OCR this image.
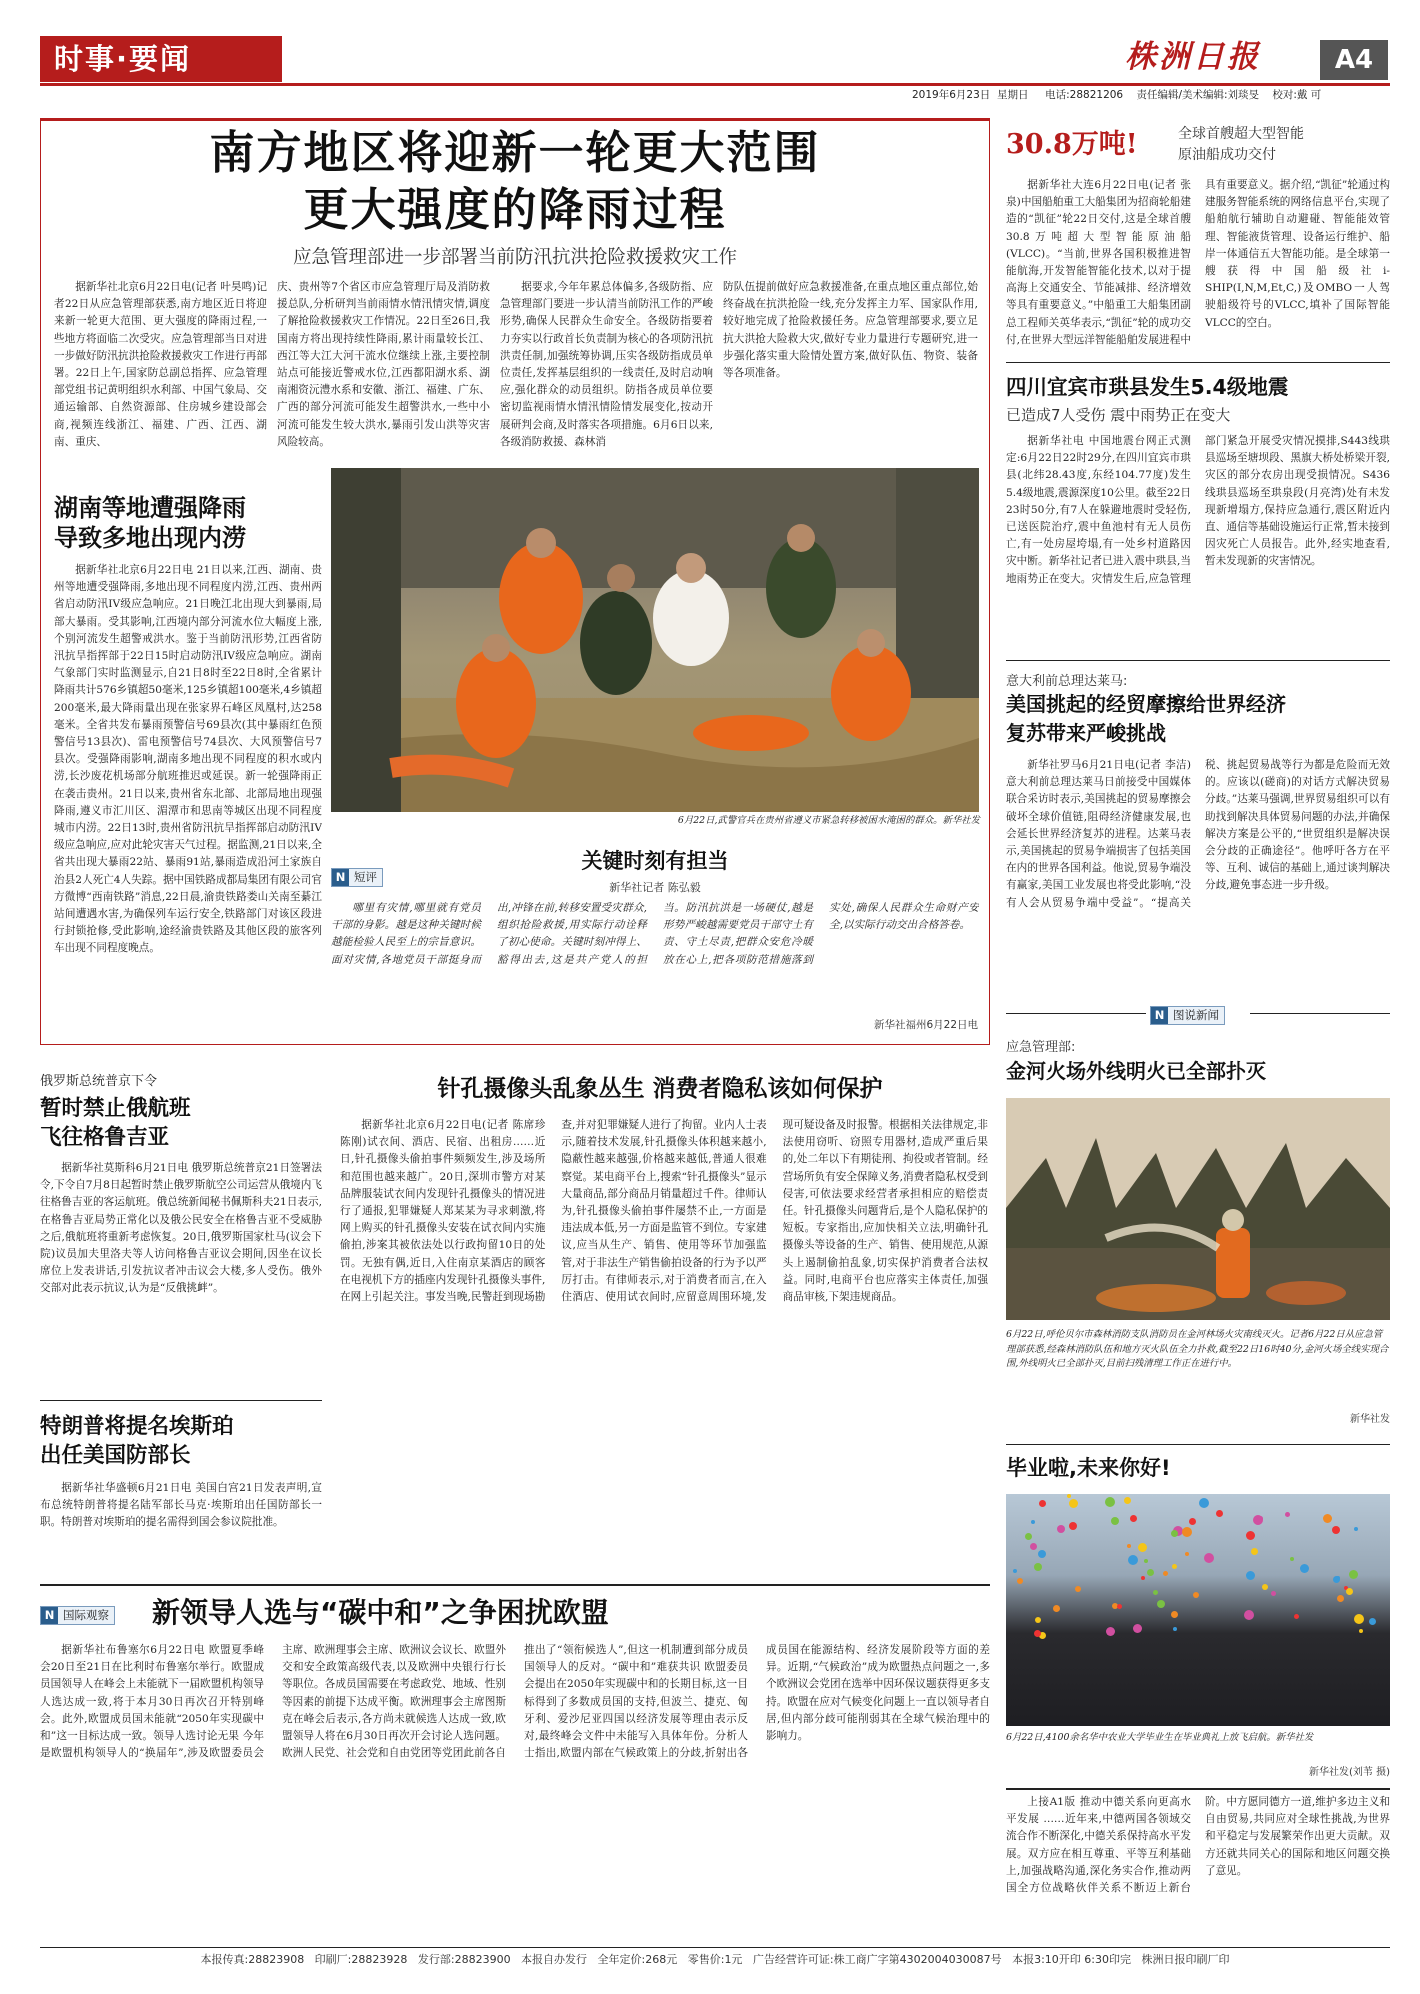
时事·要闻	株洲日报	A4
2019年6月23日  星期日     电话:28821206    责任编辑/美术编辑:刘琰旻    校对:戴 可
南方地区将迎新一轮更大范围
更大强度的降雨过程
应急管理部进一步部署当前防汛抗洪抢险救援救灾工作

据新华社北京6月22日电(记者 叶昊鸣)记者22日从应急管理部获悉,南方地区近日将迎来新一轮更大范围、更大强度的降雨过程,一些地方将面临二次受灾。应急管理部当日对进一步做好防汛抗洪抢险救援救灾工作进行再部署。22日上午,国家防总副总指挥、应急管理部党组书记黄明组织水利部、中国气象局、交通运输部、自然资源部、住房城乡建设部会商,视频连线浙江、福建、广西、江西、湖南、重庆、

庆、贵州等7个省区市应急管理厅局及消防救援总队,分析研判当前雨情水情汛情灾情,调度了解抢险救援救灾工作情况。22日至26日,我国南方将出现持续性降雨,累计雨量较长江、西江等大江大河干流水位继续上涨,主要控制站点可能接近警戒水位,江西都阳湖水系、湖南湘资沅澧水系和安徽、浙江、福建、广东、广西的部分河流可能发生超警洪水,一些中小河流可能发生较大洪水,暴雨引发山洪等灾害风险较高。

据要求,今年年累总体偏多,各级防指、应急管理部门要进一步认清当前防汛工作的严峻形势,确保人民群众生命安全。各级防指要着力夯实以行政首长负责制为核心的各项防汛抗洪责任制,加强统筹协调,压实各级防指成员单位责任,发挥基层组织的一线责任,及时启动响应,强化群众的动员组织。防指各成员单位要密切监视雨情水情汛情险情发展变化,按动开展研判会商,及时落实各项措施。6月6日以来,各级消防救援、森林消

防队伍提前做好应急救援准备,在重点地区重点部位,始终奋战在抗洪抢险一线,充分发挥主力军、国家队作用,较好地完成了抢险救援任务。应急管理部要求,要立足抗大洪抢大险救大灾,做好专业力量进行专题研究,进一步强化落实重大险情处置方案,做好队伍、物资、装备等各项准备。

湖南等地遭强降雨
导致多地出现内涝

据新华社北京6月22日电 21日以来,江西、湖南、贵州等地遭受强降雨,多地出现不同程度内涝,江西、贵州两省启动防汛IV级应急响应。21日晚江北出现大到暴雨,局部大暴雨。受其影响,江西境内部分河流水位大幅度上涨,个别河流发生超警戒洪水。鉴于当前防汛形势,江西省防汛抗旱指挥部于22日15时启动防汛IV级应急响应。湖南气象部门实时监测显示,自21日8时至22日8时,全省累计降雨共计576乡镇超50毫米,125乡镇超100毫米,4乡镇超200毫米,最大降雨量出现在张家界石峰区凤凰村,达258毫米。全省共发布暴雨预警信号69县次(其中暴雨红色预警信号13县次)、雷电预警信号74县次、大风预警信号7县次。受强降雨影响,湖南多地出现不同程度的积水或内涝,长沙废花机场部分航班推迟或延误。新一轮强降雨正在袭击贵州。21日以来,贵州省东北部、北部局地出现强降雨,遵义市汇川区、湄潭市和思南等城区出现不同程度城市内涝。22日13时,贵州省防汛抗旱指挥部启动防汛IV级应急响应,应对此轮灾害天气过程。据监测,21日以来,全省共出现大暴雨22站、暴雨91站,暴雨造成沿河土家族自治县2人死亡4人失踪。据中国铁路成都局集团有限公司官方微博“西南铁路”消息,22日晨,渝贵铁路娄山关南至綦江站间遭遇水害,为确保列车运行安全,铁路部门对该区段进行封锁抢修,受此影响,途经渝贵铁路及其他区段的旅客列车出现不同程度晚点。

6月22日,武警官兵在贵州省遵义市紧急转移被困水淹困的群众。新华社发
N 短评
关键时刻有担当
新华社记者 陈弘毅

哪里有灾情,哪里就有党员干部的身影。越是这种关键时候越能检验人民至上的宗旨意识。面对灾情,各地党员干部挺身而出,冲锋在前,转移安置受灾群众,组织抢险救援,用实际行动诠释了初心使命。关键时刻冲得上、豁得出去,这是共产党人的担当。防汛抗洪是一场硬仗,越是形势严峻越需要党员干部守土有责、守土尽责,把群众安危冷暖放在心上,把各项防范措施落到实处,确保人民群众生命财产安全,以实际行动交出合格答卷。

新华社福州6月22日电
30.8万吨!	全球首艘超大型智能
原油船成功交付

据新华社大连6月22日电(记者 张泉)中国船舶重工大船集团为招商轮船建造的“凯征”轮22日交付,这是全球首艘30.8万吨超大型智能原油船(VLCC)。“当前,世界各国积极推进智能航海,开发智能智能化技术,以对于提高海上交通安全、节能减排、经济增效等具有重要意义。”中船重工大船集团副总工程师关英华表示,“凯征”轮的成功交付,在世界大型远洋智能船舶发展进程中具有重要意义。据介绍,“凯征”轮通过构建服务智能系统的网络信息平台,实现了船舶航行辅助自动避碰、智能能效管理、智能液货管理、设备运行维护、船岸一体通信五大智能功能。是全球第一艘获得中国船级社i-SHIP(I,N,M,Et,C,)及OMBO一人驾驶船级符号的VLCC,填补了国际智能VLCC的空白。

四川宜宾市珙县发生5.4级地震
已造成7人受伤 震中雨势正在变大

据新华社电 中国地震台网正式测定:6月22日22时29分,在四川宜宾市珙县(北纬28.43度,东经104.77度)发生5.4级地震,震源深度10公里。截至22日23时50分,有7人在躲避地震时受轻伤,已送医院治疗,震中鱼池村有无人员伤亡,有一处房屋垮塌,有一处乡村道路因灾中断。新华社记者已进入震中珙县,当地雨势正在变大。灾情发生后,应急管理部门紧急开展受灾情况摸排,S443线珙县巡场至塘坝段、黑旗大桥处桥梁开裂,灾区的部分农房出现受损情况。S436线珙县巡场至珙泉段(月亮湾)处有未发现新增塌方,保持应急通行,震区附近内直、通信等基础设施运行正常,暂未接到因灾死亡人员报告。此外,经实地查看,暂未发现新的灾害情况。

意大利前总理达莱马:
美国挑起的经贸摩擦给世界经济
复苏带来严峻挑战

新华社罗马6月21日电(记者 李洁)意大利前总理达莱马日前接受中国媒体联合采访时表示,美国挑起的贸易摩擦会破坏全球价值链,阻碍经济健康发展,也会延长世界经济复苏的进程。达莱马表示,美国挑起的贸易争端损害了包括美国在内的世界各国利益。他说,贸易争端没有赢家,美国工业发展也将受此影响,“没有人会从贸易争端中受益”。“提高关税、挑起贸易战等行为都是危险而无效的。应该以(磋商)的对话方式解决贸易分歧。”达莱马强调,世界贸易组织可以有助找到解决具体贸易问题的办法,并确保解决方案是公平的,“世贸组织是解决误会分歧的正确途径”。他呼吁各方在平等、互利、诚信的基础上,通过谈判解决分歧,避免事态进一步升级。

N 图说新闻
应急管理部:
金河火场外线明火已全部扑灭
6月22日,呼伦贝尔市森林消防支队消防员在金河林场火灾南线灭火。记者6月22日从应急管理部获悉,经森林消防队伍和地方灭火队伍全力扑救,截至22日16时40分,金河火场全线实现合围,外线明火已全部扑灭,目前扫残清理工作正在进行中。
新华社发
毕业啦,未来你好!
6月22日,4100余名华中农业大学毕业生在毕业典礼上放飞启航。新华社发
新华社发(刘苇 摄)
俄罗斯总统普京下令
暂时禁止俄航班
飞往格鲁吉亚

据新华社莫斯科6月21日电 俄罗斯总统普京21日签署法令,下令自7月8日起暂时禁止俄罗斯航空公司运营从俄境内飞往格鲁吉亚的客运航班。俄总统新闻秘书佩斯科夫21日表示,在格鲁吉亚局势正常化以及俄公民安全在格鲁吉亚不受威胁之后,俄航班将重新考虑恢复。20日,俄罗斯国家杜马(议会下院)议员加夫里洛夫等人访问格鲁吉亚议会期间,因坐在议长席位上发表讲话,引发抗议者冲击议会大楼,多人受伤。俄外交部对此表示抗议,认为是“反俄挑衅”。

特朗普将提名埃斯珀
出任美国防部长

据新华社华盛顿6月21日电 美国白宫21日发表声明,宣布总统特朗普将提名陆军部长马克·埃斯珀出任国防部长一职。特朗普对埃斯珀的提名需得到国会参议院批准。

针孔摄像头乱象丛生 消费者隐私该如何保护

据新华社北京6月22日电(记者 陈席珍 陈刚)试衣间、酒店、民宿、出租房……近日,针孔摄像头偷拍事件频频发生,涉及场所和范围也越来越广。20日,深圳市警方对某品牌服装试衣间内发现针孔摄像头的情况进行了通报,犯罪嫌疑人郑某某为寻求刺激,将网上购买的针孔摄像头安装在试衣间内实施偷拍,涉案其被依法处以行政拘留10日的处罚。无独有偶,近日,入住南京某酒店的顾客在电视机下方的插座内发现针孔摄像头事件,在网上引起关注。事发当晚,民警赶到现场勘查,并对犯罪嫌疑人进行了拘留。业内人士表示,随着技术发展,针孔摄像头体积越来越小,隐蔽性越来越强,价格越来越低,普通人很难察觉。某电商平台上,搜索“针孔摄像头”显示大量商品,部分商品月销量超过千件。律师认为,针孔摄像头偷拍事件屡禁不止,一方面是违法成本低,另一方面是监管不到位。专家建议,应当从生产、销售、使用等环节加强监管,对于非法生产销售偷拍设备的行为予以严厉打击。有律师表示,对于消费者而言,在入住酒店、使用试衣间时,应留意周围环境,发现可疑设备及时报警。根据相关法律规定,非法使用窃听、窃照专用器材,造成严重后果的,处二年以下有期徒刑、拘役或者管制。经营场所负有安全保障义务,消费者隐私权受到侵害,可依法要求经营者承担相应的赔偿责任。针孔摄像头问题背后,是个人隐私保护的短板。专家指出,应加快相关立法,明确针孔摄像头等设备的生产、销售、使用规范,从源头上遏制偷拍乱象,切实保护消费者合法权益。同时,电商平台也应落实主体责任,加强商品审核,下架违规商品。

N 国际观察 新领导人选与“碳中和”之争困扰欧盟

据新华社布鲁塞尔6月22日电 欧盟夏季峰会20日至21日在比利时布鲁塞尔举行。欧盟成员国领导人在峰会上未能就下一届欧盟机构领导人选达成一致,将于本月30日再次召开特别峰会。此外,欧盟成员国未能就“2050年实现碳中和”这一目标达成一致。领导人选讨论无果 今年是欧盟机构领导人的“换届年”,涉及欧盟委员会主席、欧洲理事会主席、欧洲议会议长、欧盟外交和安全政策高级代表,以及欧洲中央银行行长等职位。各成员国需要在考虑政党、地域、性别等因素的前提下达成平衡。欧洲理事会主席图斯克在峰会后表示,各方尚未就候选人达成一致,欧盟领导人将在6月30日再次开会讨论人选问题。欧洲人民党、社会党和自由党团等党团此前各自推出了“领衔候选人”,但这一机制遭到部分成员国领导人的反对。“碳中和”难获共识 欧盟委员会提出在2050年实现碳中和的长期目标,这一目标得到了多数成员国的支持,但波兰、捷克、匈牙利、爱沙尼亚四国以经济发展等理由表示反对,最终峰会文件中未能写入具体年份。分析人士指出,欧盟内部在气候政策上的分歧,折射出各成员国在能源结构、经济发展阶段等方面的差异。近期,“气候政治”成为欧盟热点问题之一,多个欧洲议会党团在选举中因环保议题获得更多支持。欧盟在应对气候变化问题上一直以领导者自居,但内部分歧可能削弱其在全球气候治理中的影响力。

上接A1版 推动中德关系向更高水平发展 ……近年来,中德两国各领域交流合作不断深化,中德关系保持高水平发展。双方应在相互尊重、平等互利基础上,加强战略沟通,深化务实合作,推动两国全方位战略伙伴关系不断迈上新台阶。中方愿同德方一道,维护多边主义和自由贸易,共同应对全球性挑战,为世界和平稳定与发展繁荣作出更大贡献。双方还就共同关心的国际和地区问题交换了意见。

本报传真:28823908   印刷厂:28823928   发行部:28823900   本报自办发行   全年定价:268元   零售价:1元   广告经营许可证:株工商广字第4302004030087号   本报3:10开印 6:30印完   株洲日报印刷厂印
